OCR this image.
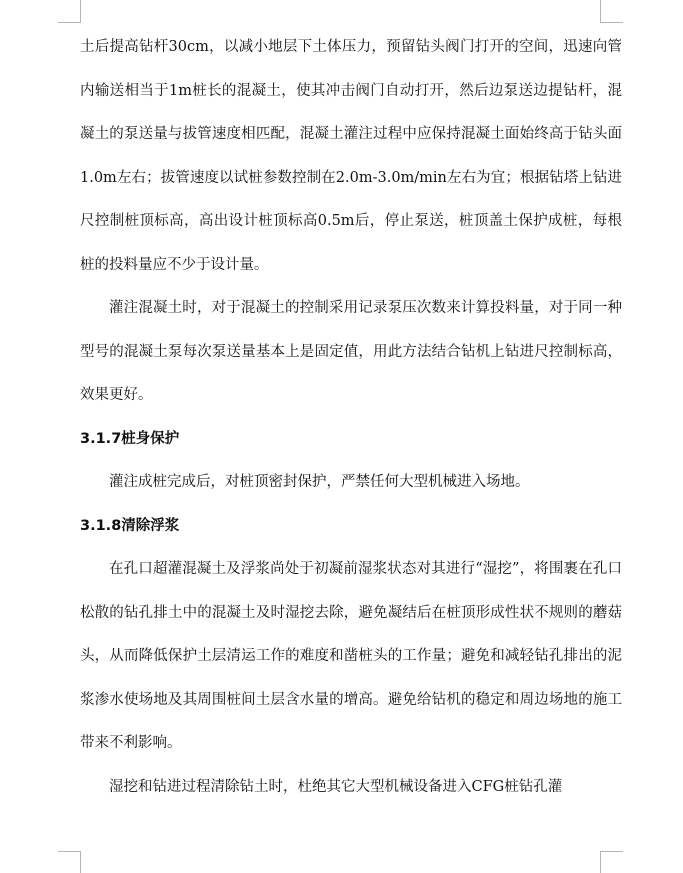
土后提高钻杆30cm，以减小地层下土体压力，预留钻头阀门打开的空间，迅速向管内输送相当于1m桩长的混凝土，使其冲击阀门自动打开，然后边泵送边提钻杆，混凝土的泵送量与拔管速度相匹配，混凝土灌注过程中应保持混凝土面始终高于钻头面1.0m左右；拔管速度以试桩参数控制在2.0m-3.0m/min左右为宜；根据钻塔上钻进尺控制桩顶标高，高出设计桩顶标高0.5m后，停止泵送，桩顶盖土保护成桩，每根桩的投料量应不少于设计量。

灌注混凝土时，对于混凝土的控制采用记录泵压次数来计算投料量，对于同一种型号的混凝土泵每次泵送量基本上是固定值，用此方法结合钻机上钻进尺控制标高，效果更好。

3.1.7桩身保护

灌注成桩完成后，对桩顶密封保护，严禁任何大型机械进入场地。

3.1.8清除浮浆

在孔口超灌混凝土及浮浆尚处于初凝前湿浆状态对其进行“湿挖”，将围裹在孔口松散的钻孔排土中的混凝土及时湿挖去除，避免凝结后在桩顶形成性状不规则的蘑菇头，从而降低保护土层清运工作的难度和凿桩头的工作量；避免和减轻钻孔排出的泥浆渗水使场地及其周围桩间土层含水量的增高。避免给钻机的稳定和周边场地的施工带来不利影响。

湿挖和钻进过程清除钻土时，杜绝其它大型机械设备进入CFG桩钻孔灌
